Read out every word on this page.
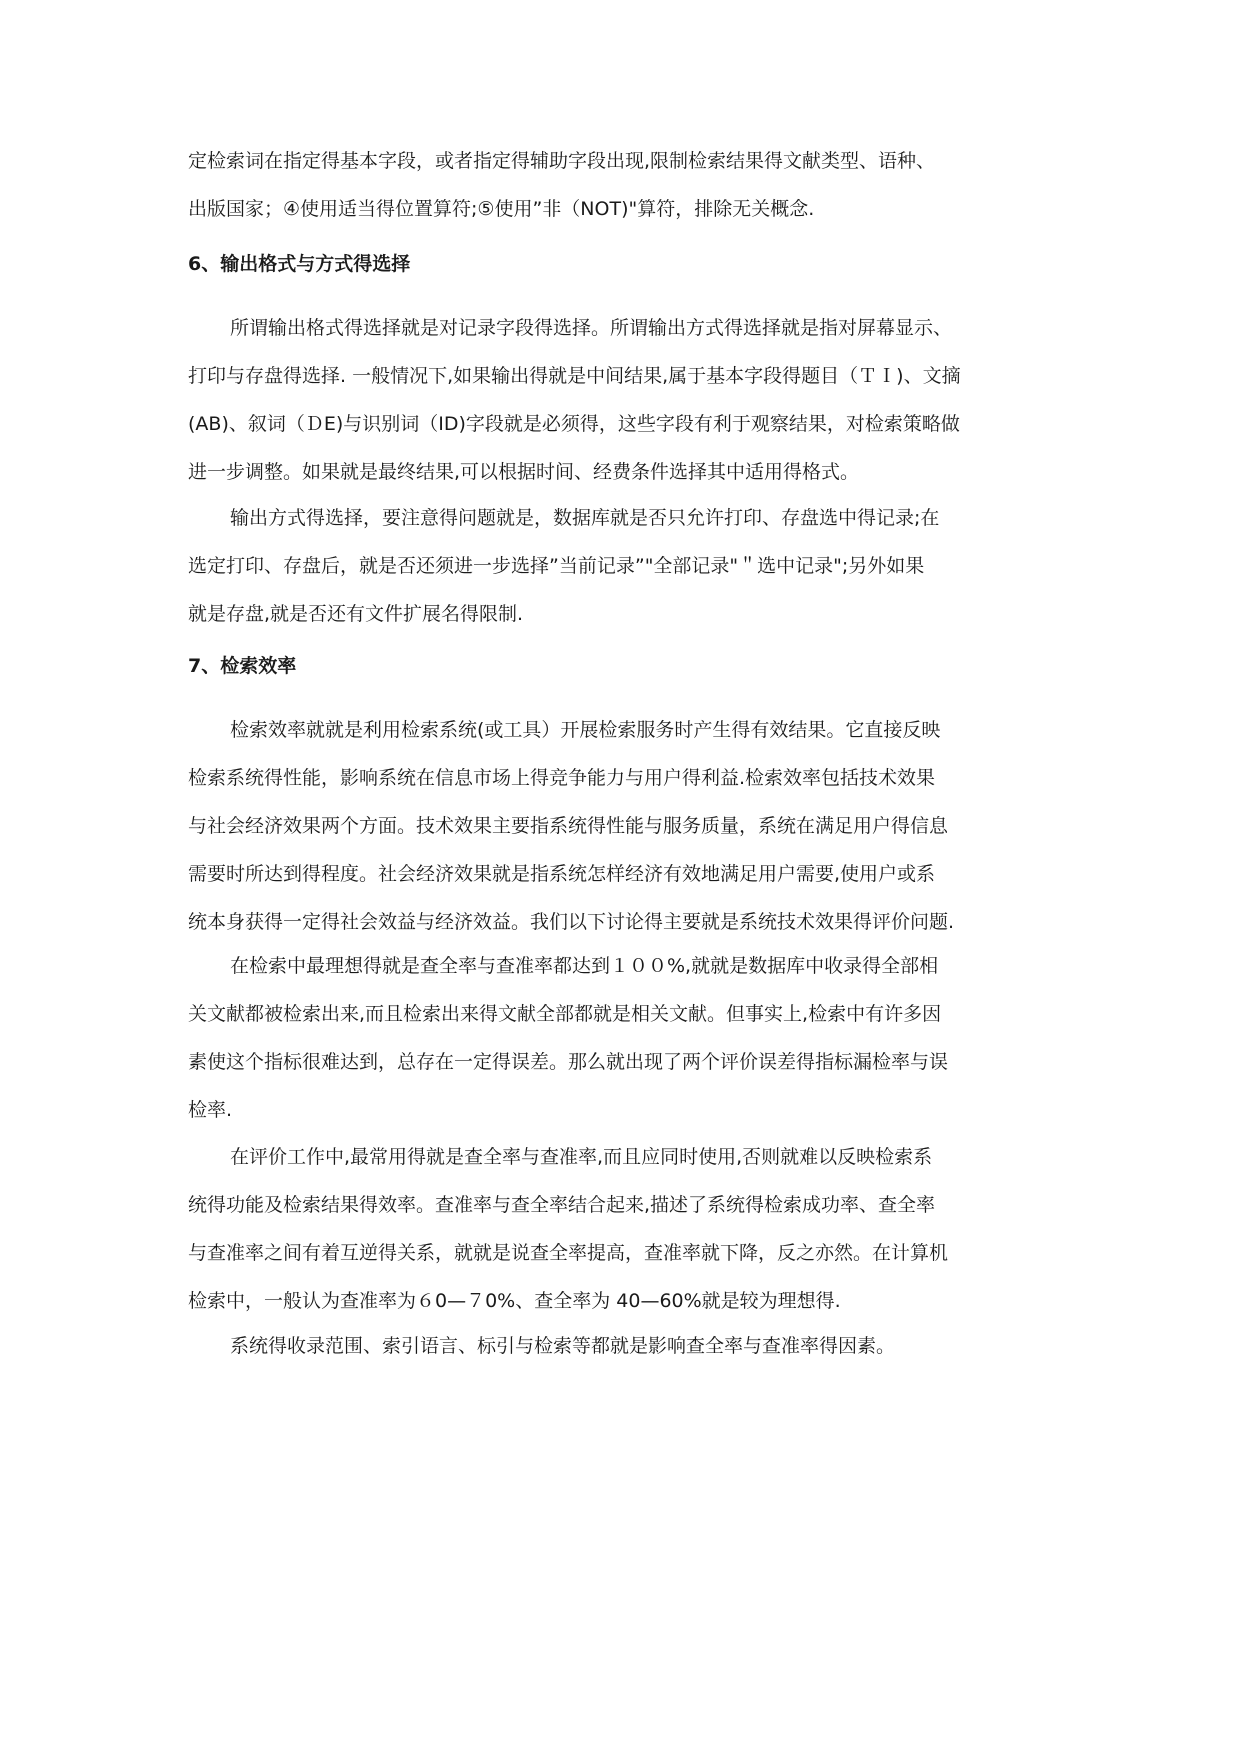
定检索词在指定得基本字段，或者指定得辅助字段出现,限制检索结果得文献类型、语种、
出版国家；④使用适当得位置算符;⑤使用”非（NOT)"算符，排除无关概念.
6、输出格式与方式得选择
所谓输出格式得选择就是对记录字段得选择。所谓输出方式得选择就是指对屏幕显示、
打印与存盘得选择. 一般情况下,如果输出得就是中间结果,属于基本字段得题目（ＴＩ)、文摘
(AB)、叙词（ＤE)与识别词（ID)字段就是必须得，这些字段有利于观察结果，对检索策略做
进一步调整。如果就是最终结果,可以根据时间、经费条件选择其中适用得格式。
输出方式得选择，要注意得问题就是，数据库就是否只允许打印、存盘选中得记录;在
选定打印、存盘后，就是否还须进一步选择”当前记录”"全部记录"＂选中记录";另外如果
就是存盘,就是否还有文件扩展名得限制.
7、检索效率
检索效率就就是利用检索系统(或工具）开展检索服务时产生得有效结果。它直接反映
检索系统得性能，影响系统在信息市场上得竞争能力与用户得利益.检索效率包括技术效果
与社会经济效果两个方面。技术效果主要指系统得性能与服务质量，系统在满足用户得信息
需要时所达到得程度。社会经济效果就是指系统怎样经济有效地满足用户需要,使用户或系
统本身获得一定得社会效益与经济效益。我们以下讨论得主要就是系统技术效果得评价问题.
在检索中最理想得就是查全率与查准率都达到１００%,就就是数据库中收录得全部相
关文献都被检索出来,而且检索出来得文献全部都就是相关文献。但事实上,检索中有许多因
素使这个指标很难达到，总存在一定得误差。那么就出现了两个评价误差得指标漏检率与误
检率.
在评价工作中,最常用得就是查全率与查准率,而且应同时使用,否则就难以反映检索系
统得功能及检索结果得效率。查准率与查全率结合起来,描述了系统得检索成功率、查全率
与查准率之间有着互逆得关系，就就是说查全率提高，查准率就下降，反之亦然。在计算机
检索中，一般认为查准率为６0—７0%、查全率为 40—60%就是较为理想得.
系统得收录范围、索引语言、标引与检索等都就是影响查全率与查准率得因素。
